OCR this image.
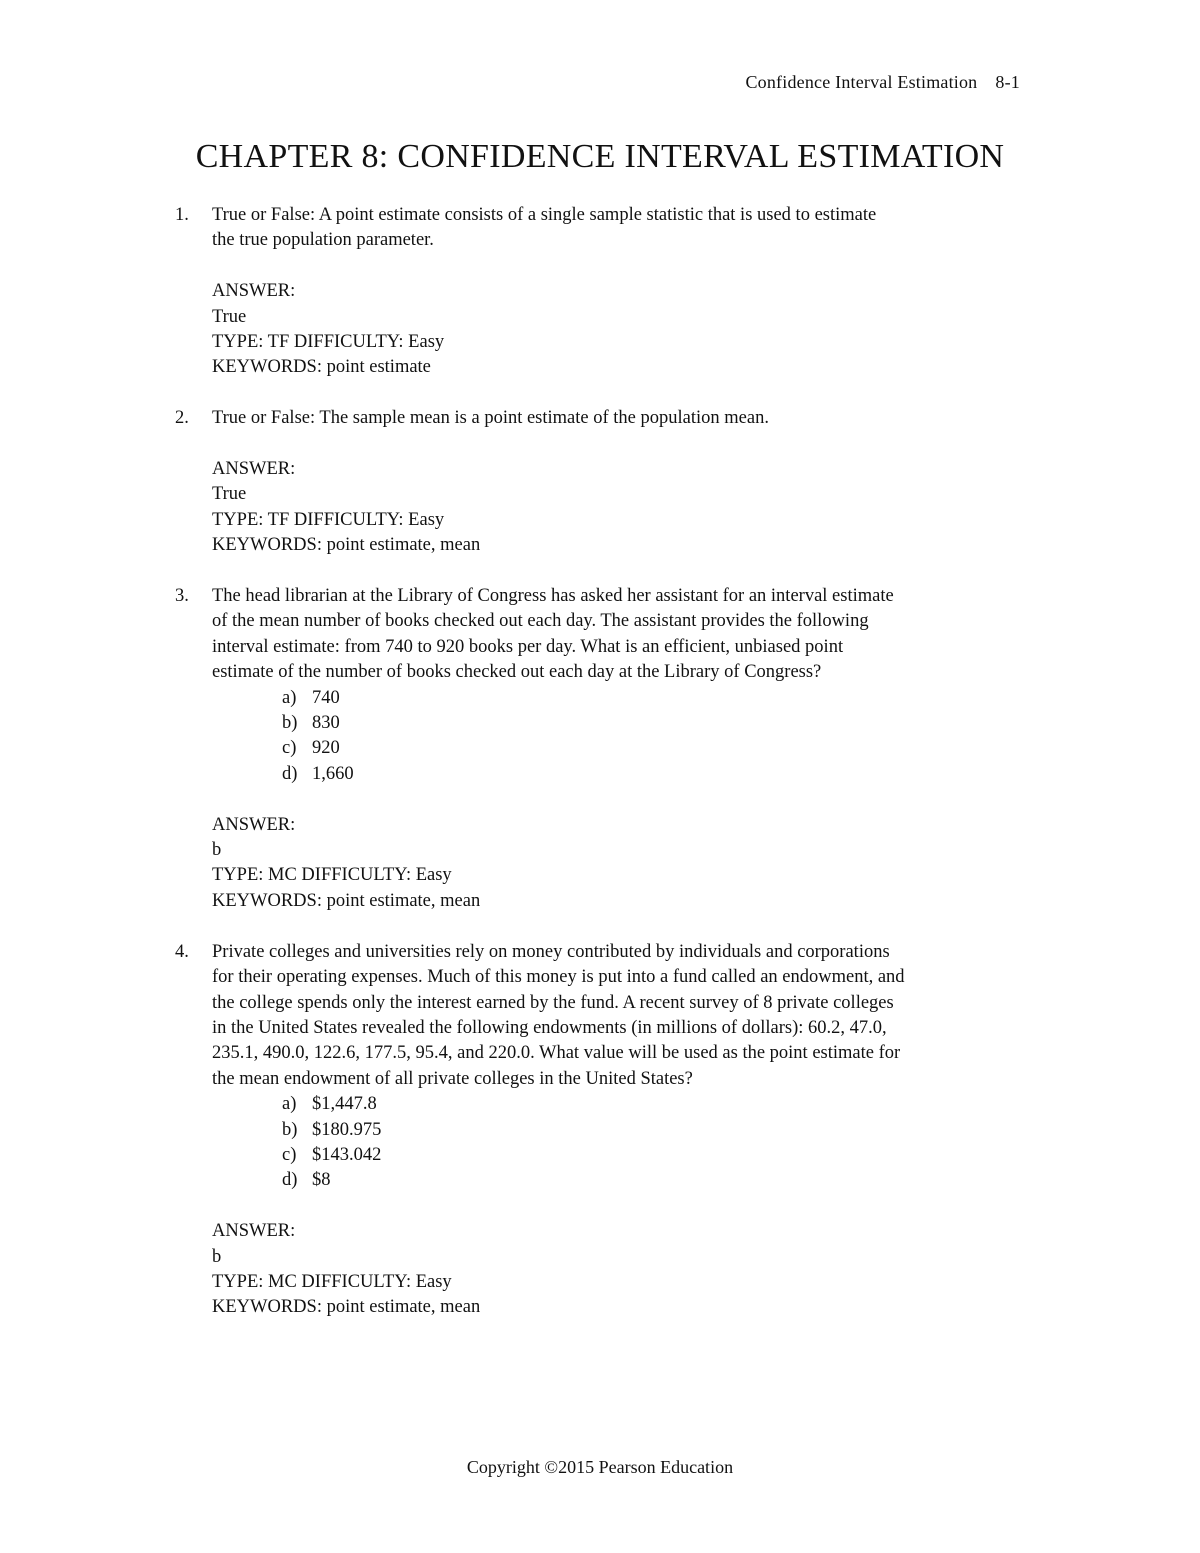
Confidence Interval Estimation 8-1
CHAPTER 8: CONFIDENCE INTERVAL ESTIMATION
1. True or False: A point estimate consists of a single sample statistic that is used to estimate
the true population parameter.

ANSWER:
True
TYPE: TF DIFFICULTY: Easy
KEYWORDS: point estimate
2. True or False: The sample mean is a point estimate of the population mean.

ANSWER:
True
TYPE: TF DIFFICULTY: Easy
KEYWORDS: point estimate, mean
3. The head librarian at the Library of Congress has asked her assistant for an interval estimate
of the mean number of books checked out each day. The assistant provides the following
interval estimate: from 740 to 920 books per day. What is an efficient, unbiased point
estimate of the number of books checked out each day at the Library of Congress?

a) 740
b) 830
c) 920
d) 1,660
ANSWER:
b
TYPE: MC DIFFICULTY: Easy
KEYWORDS: point estimate, mean
4. Private colleges and universities rely on money contributed by individuals and corporations
for their operating expenses. Much of this money is put into a fund called an endowment, and
the college spends only the interest earned by the fund. A recent survey of 8 private colleges
in the United States revealed the following endowments (in millions of dollars): 60.2, 47.0,
235.1, 490.0, 122.6, 177.5, 95.4, and 220.0. What value will be used as the point estimate for
the mean endowment of all private colleges in the United States?

a) $1,447.8
b) $180.975
c) $143.042
d) $8
ANSWER:
b
TYPE: MC DIFFICULTY: Easy
KEYWORDS: point estimate, mean
Copyright ©2015 Pearson Education
